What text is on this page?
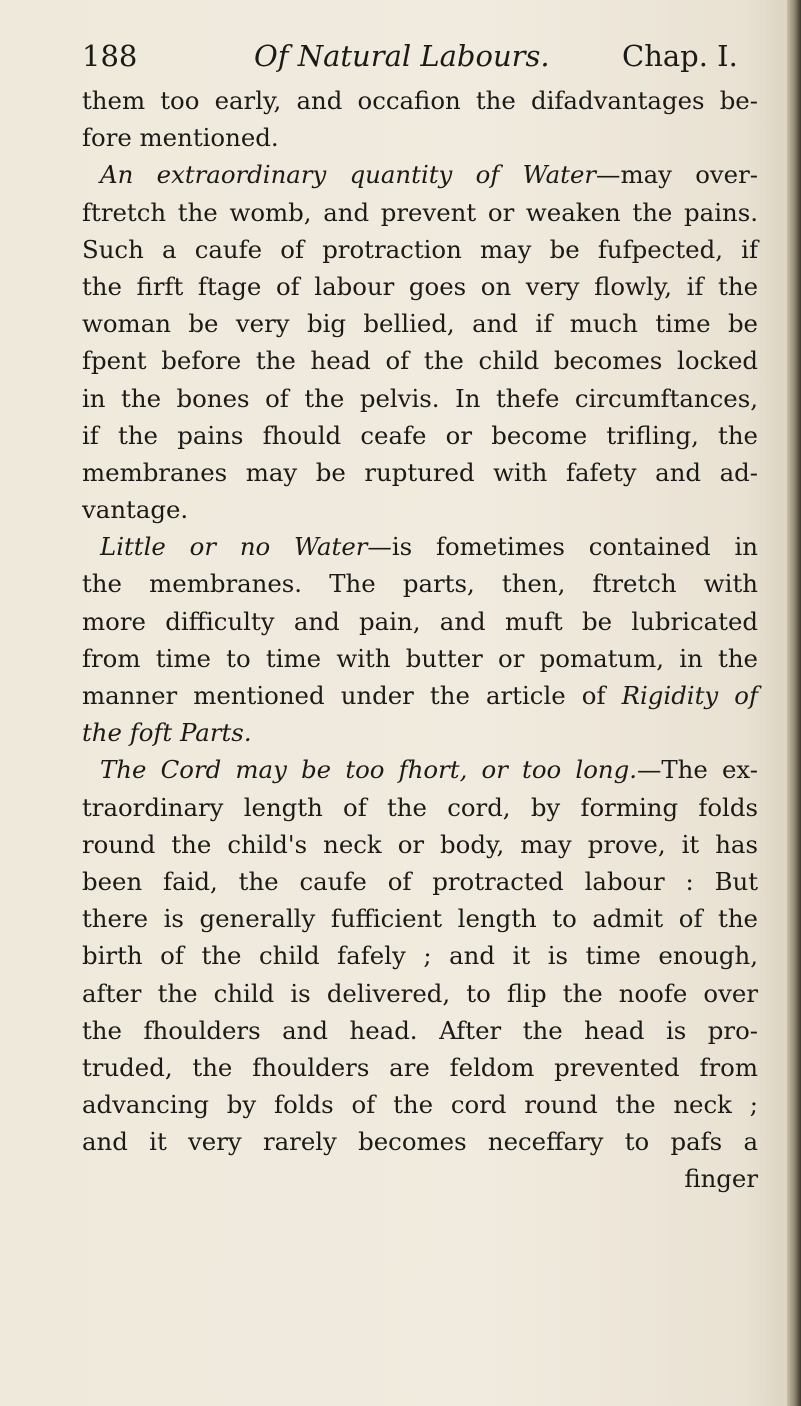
188	Of Natural Labours. Chap. I.
them too early, and occafion the difadvantages be-
fore mentioned.
An extraordinary quantity of Water—may over-
ftretch the womb, and prevent or weaken the pains.
Such a caufe of protraction may be fufpected, if
the firft ftage of labour goes on very flowly, if the
woman be very big bellied, and if much time be
fpent before the head of the child becomes locked
in the bones of the pelvis. In thefe circumftances,
if the pains fhould ceafe or become trifling, the
membranes may be ruptured with fafety and ad-
vantage.
Little or no Water—is fometimes contained in
the membranes. The parts, then, ftretch with
more difficulty and pain, and muft be lubricated
from time to time with butter or pomatum, in the
manner mentioned under the article of Rigidity of
the foft Parts.
The Cord may be too fhort, or too long.—The ex-
traordinary length of the cord, by forming folds
round the child's neck or body, may prove, it has
been faid, the caufe of protracted labour : But
there is generally fufficient length to admit of the
birth of the child fafely ; and it is time enough,
after the child is delivered, to flip the noofe over
the fhoulders and head. After the head is pro-
truded, the fhoulders are feldom prevented from
advancing by folds of the cord round the neck ;
and it very rarely becomes neceffary to pafs a
finger
